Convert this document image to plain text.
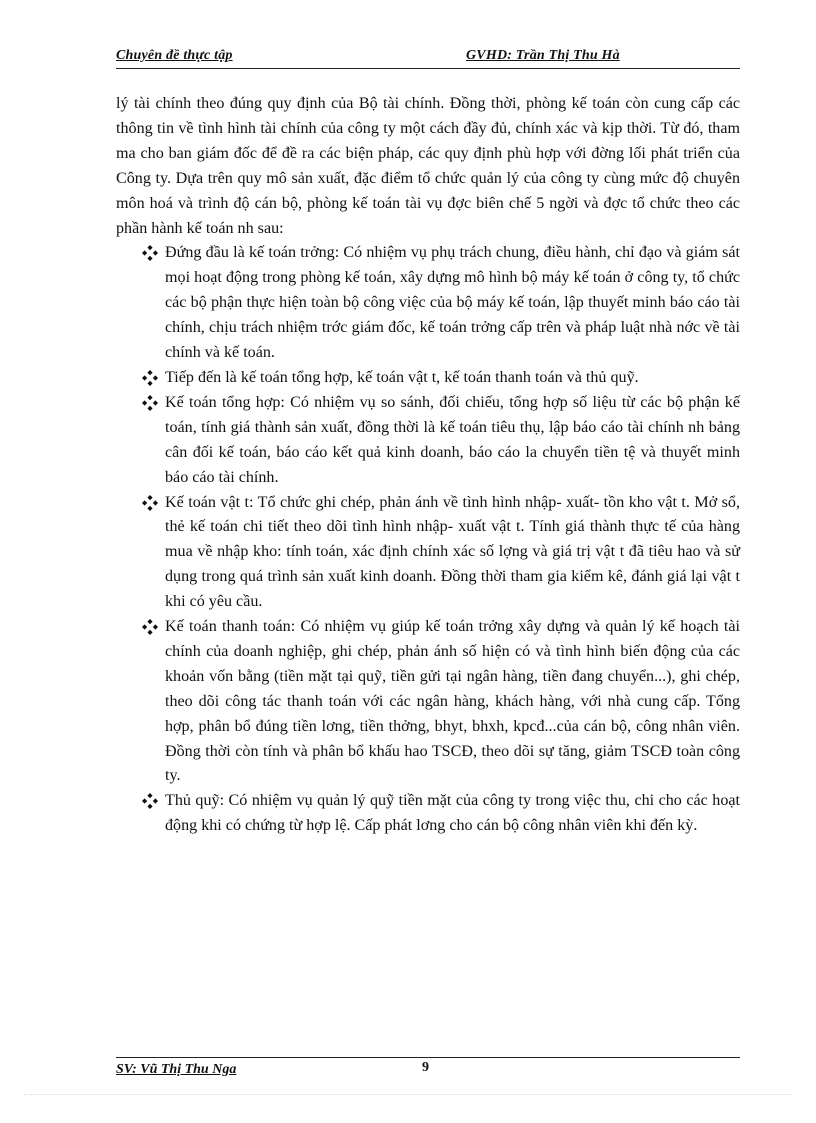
Chuyên đề thực tập	GVHD: Trần Thị Thu Hà

lý tài chính theo đúng quy định của Bộ tài chính. Đồng thời, phòng kế toán còn cung cấp các thông tin về tình hình tài chính của công ty một cách đầy đủ, chính xác và kịp thời. Từ đó, tham ma cho ban giám đốc để đề ra các biện pháp, các quy định phù hợp với đờng lối phát triển của Công ty. Dựa trên quy mô sản xuất, đặc điểm tổ chức quản lý của công ty cùng mức độ chuyên môn hoá và trình độ cán bộ, phòng kế toán tài vụ đợc biên chế 5 ngời và đợc tổ chức theo các phần hành kế toán nh sau:

Đứng đầu là kế toán trởng: Có nhiệm vụ phụ trách chung, điều hành, chỉ đạo và giám sát mọi hoạt động trong phòng kế toán, xây dựng mô hình bộ máy kế toán ở công ty, tổ chức các bộ phận thực hiện toàn bộ công việc của bộ máy kế toán, lập thuyết minh báo cáo tài chính, chịu trách nhiệm trớc giám đốc, kế toán trởng cấp trên và pháp luật nhà nớc về tài chính và kế toán.
Tiếp đến là kế toán tổng hợp, kế toán vật t, kế toán thanh toán và thủ quỹ.
Kế toán tổng hợp: Có nhiệm vụ so sánh, đối chiếu, tổng hợp số liệu từ các bộ phận kế toán, tính giá thành sản xuất, đồng thời là kế toán tiêu thụ, lập báo cáo tài chính nh bảng cân đối kế toán, báo cáo kết quả kinh doanh, báo cáo la chuyển tiền tệ và thuyết minh báo cáo tài chính.
Kế toán vật t: Tổ chức ghi chép, phản ánh về tình hình nhập- xuất- tồn kho vật t. Mở sổ, thẻ kế toán chi tiết theo dõi tình hình nhập- xuất vật t. Tính giá thành thực tế của hàng mua về nhập kho: tính toán, xác định chính xác số lợng và giá trị vật t đã tiêu hao và sử dụng trong quá trình sản xuất kinh doanh. Đồng thời tham gia kiểm kê, đánh giá lại vật t khi có yêu cầu.
Kế toán thanh toán: Có nhiệm vụ giúp kế toán trởng xây dựng và quản lý kế hoạch tài chính của doanh nghiệp, ghi chép, phản ánh số hiện có và tình hình biến động của các khoản vốn bằng (tiền mặt tại quỹ, tiền gửi tại ngân hàng, tiền đang chuyển...), ghi chép, theo dõi công tác thanh toán với các ngân hàng, khách hàng, với nhà cung cấp. Tổng hợp, phân bổ đúng tiền lơng, tiền thởng, bhyt, bhxh, kpcđ...của cán bộ, công nhân viên. Đồng thời còn tính và phân bổ khấu hao TSCĐ, theo dõi sự tăng, giảm TSCĐ toàn công ty.
Thủ quỹ: Có nhiệm vụ quản lý quỹ tiền mặt của công ty trong việc thu, chi cho các hoạt động khi có chứng từ hợp lệ. Cấp phát lơng cho cán bộ công nhân viên khi đến kỳ.
SV: Vũ Thị Thu Nga	9
